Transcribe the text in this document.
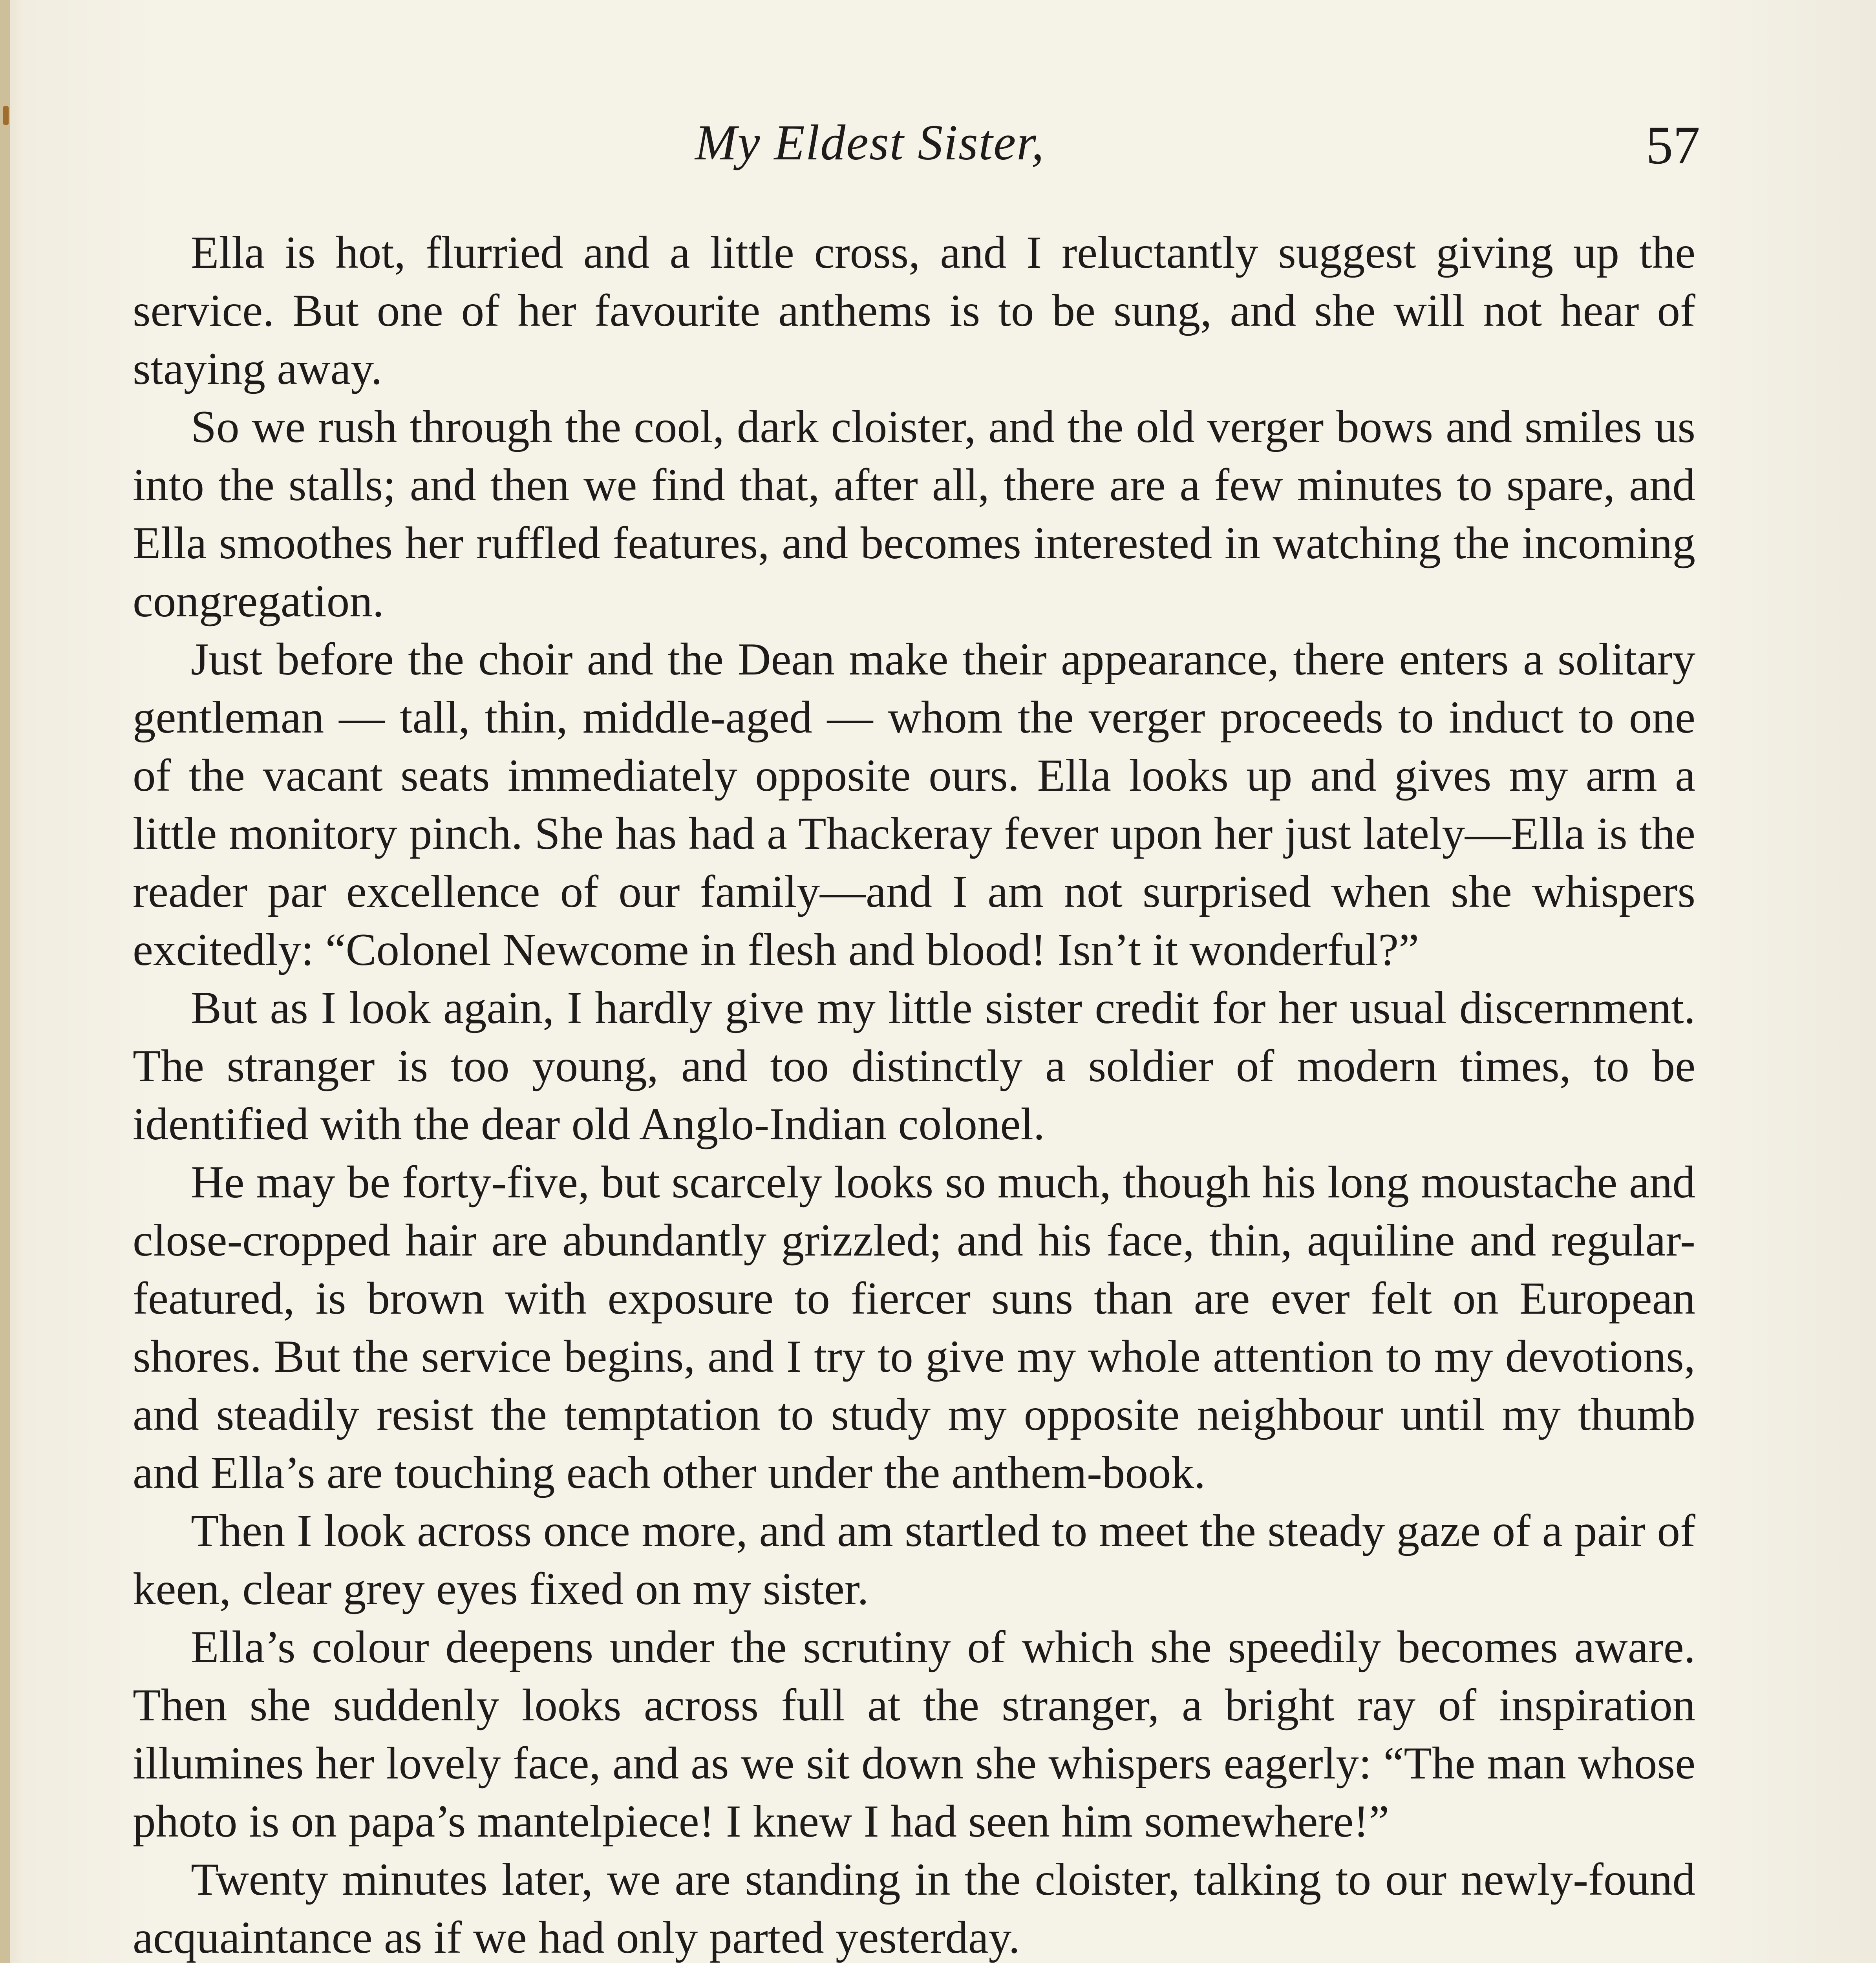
My Eldest Sister,	57

Ella is hot, flurried and a little cross, and I reluctantly suggest giving up the service. But one of her favourite anthems is to be sung, and she will not hear of staying away.

So we rush through the cool, dark cloister, and the old verger bows and smiles us into the stalls; and then we find that, after all, there are a few minutes to spare, and Ella smoothes her ruffled features, and becomes interested in watching the incoming congregation.

Just before the choir and the Dean make their appearance, there enters a solitary gentleman — tall, thin, middle-aged — whom the verger proceeds to induct to one of the vacant seats immediately opposite ours. Ella looks up and gives my arm a little monitory pinch. She has had a Thackeray fever upon her just lately—Ella is the reader par excellence of our family—and I am not surprised when she whispers excitedly: “Colonel Newcome in flesh and blood! Isn’t it wonderful?”

But as I look again, I hardly give my little sister credit for her usual discernment. The stranger is too young, and too distinctly a soldier of modern times, to be identified with the dear old Anglo-Indian colonel.

He may be forty-five, but scarcely looks so much, though his long moustache and close-cropped hair are abundantly grizzled; and his face, thin, aquiline and regular-featured, is brown with exposure to fiercer suns than are ever felt on European shores. But the service begins, and I try to give my whole attention to my devotions, and steadily resist the temptation to study my opposite neighbour until my thumb and Ella’s are touching each other under the anthem-book.

Then I look across once more, and am startled to meet the steady gaze of a pair of keen, clear grey eyes fixed on my sister.

Ella’s colour deepens under the scrutiny of which she speedily becomes aware. Then she suddenly looks across full at the stranger, a bright ray of inspiration illumines her lovely face, and as we sit down she whispers eagerly: “The man whose photo is on papa’s mantelpiece! I knew I had seen him somewhere!”

Twenty minutes later, we are standing in the cloister, talking to our newly-found acquaintance as if we had only parted yesterday.
